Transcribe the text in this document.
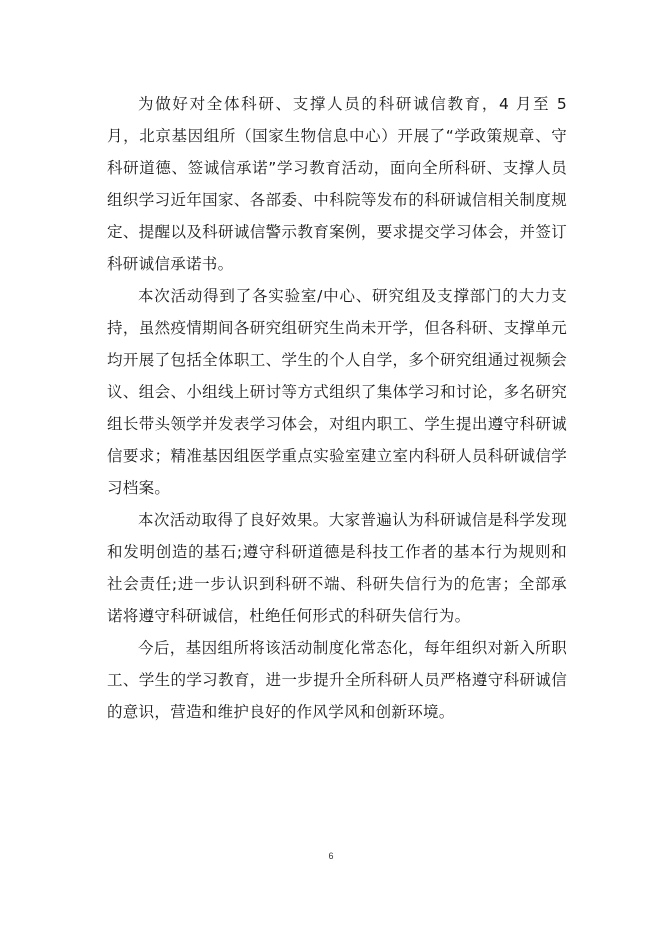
为做好对全体科研、支撑人员的科研诚信教育，4 月至 5 月，北京基因组所（国家生物信息中心）开展了“学政策规章、守科研道德、签诚信承诺”学习教育活动，面向全所科研、支撑人员组织学习近年国家、各部委、中科院等发布的科研诚信相关制度规定、提醒以及科研诚信警示教育案例，要求提交学习体会，并签订科研诚信承诺书。

本次活动得到了各实验室/中心、研究组及支撑部门的大力支持，虽然疫情期间各研究组研究生尚未开学，但各科研、支撑单元均开展了包括全体职工、学生的个人自学，多个研究组通过视频会议、组会、小组线上研讨等方式组织了集体学习和讨论，多名研究组长带头领学并发表学习体会，对组内职工、学生提出遵守科研诚信要求；精准基因组医学重点实验室建立室内科研人员科研诚信学习档案。

本次活动取得了良好效果。大家普遍认为科研诚信是科学发现和发明创造的基石;遵守科研道德是科技工作者的基本行为规则和社会责任;进一步认识到科研不端、科研失信行为的危害；全部承诺将遵守科研诚信，杜绝任何形式的科研失信行为。

今后，基因组所将该活动制度化常态化，每年组织对新入所职工、学生的学习教育，进一步提升全所科研人员严格遵守科研诚信的意识，营造和维护良好的作风学风和创新环境。

6
